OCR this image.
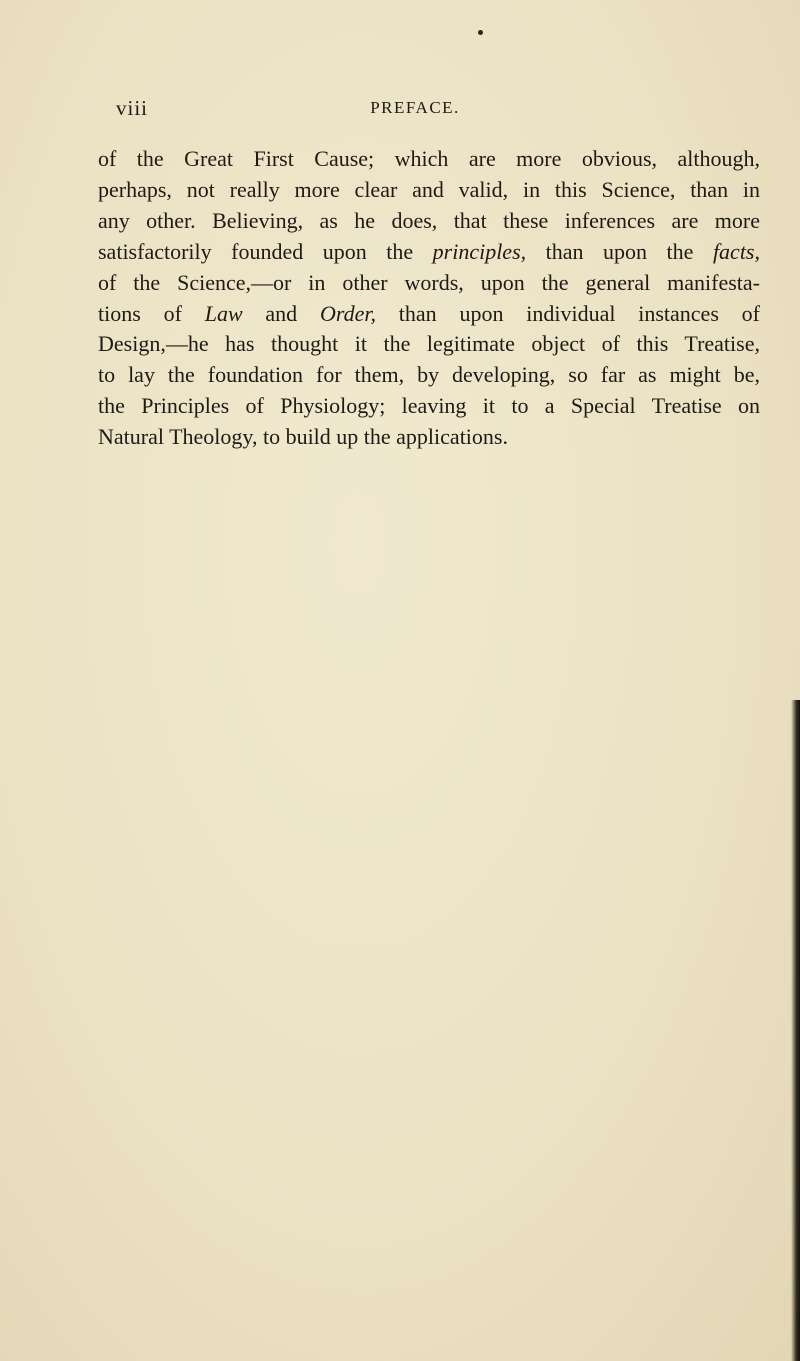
viii	PREFACE.
of the Great First Cause; which are more obvious, although,
perhaps, not really more clear and valid, in this Science, than in
any other. Believing, as he does, that these inferences are more
satisfactorily founded upon the principles, than upon the facts,
of the Science,—or in other words, upon the general manifesta-
tions of Law and Order, than upon individual instances of
Design,—he has thought it the legitimate object of this Treatise,
to lay the foundation for them, by developing, so far as might be,
the Principles of Physiology; leaving it to a Special Treatise on
Natural Theology, to build up the applications.
